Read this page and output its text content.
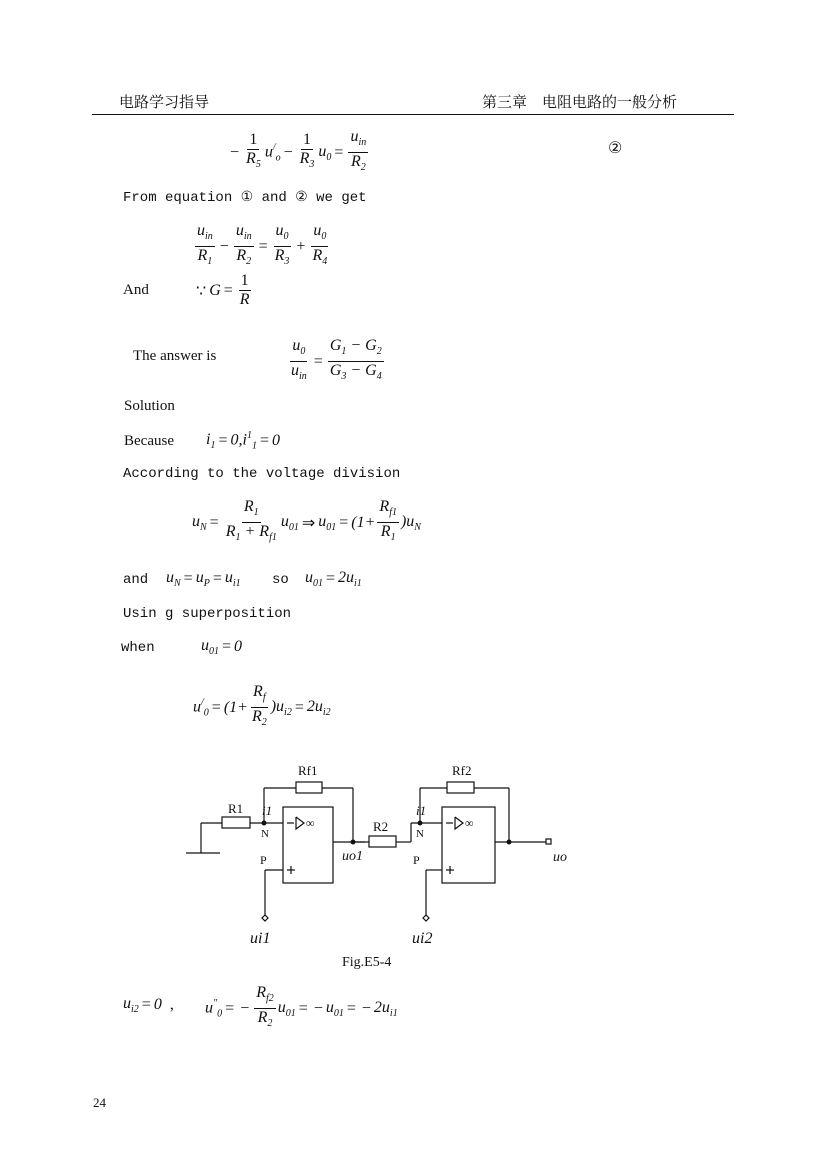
电路学习指导	第三章　电阻电路的一般分析
− $\frac{1}{R_5} u^/_o - \frac{1}{R_3} u_0 = \frac{u_{in}}{R_2}$	②
From equation ① and ② we get
$\frac{u_{in}}{R_1} - \frac{u_{in}}{R_2} = \frac{u_0}{R_3} + \frac{u_0}{R_4}$
And	∵ $G = \frac{1}{R}$
The answer is	$\frac{u_0}{u_{in}} = \frac{G_1 - G_2}{G_3 - G_4}$
Solution
Because $i_1 = 0,i^1_1 = 0$
According to the voltage division
$u_N = \frac{R_1}{R_1 + R_{f1}} u_{01}$ ⇒ $u_{01} = (1+ \frac{R_{f1}}{R_1} )u_N$
and $u_N = u_P = u_{i1}$ so $u_{01} = 2u_{i1}$
Usin g superposition
when	$u_{01} = 0$
$u^/_0 = (1+ \frac{R_f}{R_2} )u_{i2} = 2u_{i2}$
Rf1	Rf2
R1
R2
i1	i1
N	N
P	P
uo1	uo
ui1	ui2
∞	∞
Fig.E5-4
$u_{i2} = 0$ , $u''_0$ = − $\frac{R_{f2}}{R_2} u_{01}$ = − $u_{01}$ = − $2u_{i1}$
24
